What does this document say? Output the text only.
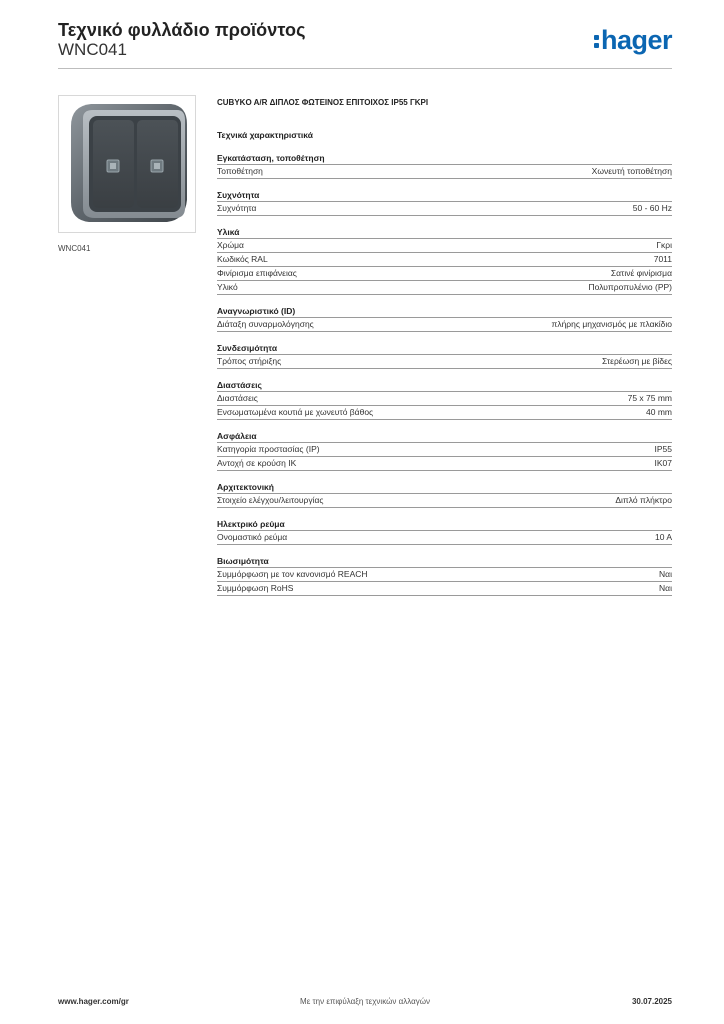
Τεχνικό φυλλάδιο προϊόντος
WNC041	hager
WNC041
CUBYKO A/R ΔΙΠΛΟΣ ΦΩΤΕΙΝΟΣ ΕΠΙΤΟΙΧΟΣ IP55 ΓΚΡΙ
Τεχνικά χαρακτηριστικά
Εγκατάσταση, τοποθέτηση
Τοποθέτηση	Χωνευτή τοποθέτηση
Συχνότητα
Συχνότητα	50 - 60 Hz
Υλικά
Χρώμα	Γκρι
Κωδικός RAL	7011
Φινίρισμα επιφάνειας	Σατινέ φινίρισμα
Υλικό	Πολυπροπυλένιο (PP)
Αναγνωριστικό (ID)
Διάταξη συναρμολόγησης	πλήρης μηχανισμός με πλακίδιο
Συνδεσιμότητα
Τρόπος στήριξης	Στερέωση με βίδες
Διαστάσεις
Διαστάσεις	75 x 75 mm
Ενσωματωμένα κουτιά με χωνευτό βάθος	40 mm
Ασφάλεια
Κατηγορία προστασίας (IP)	IP55
Αντοχή σε κρούση IK	IK07
Αρχιτεκτονική
Στοιχείο ελέγχου/λειτουργίας	Διπλό πλήκτρο
Ηλεκτρικό ρεύμα
Ονομαστικό ρεύμα	10 A
Βιωσιμότητα
Συμμόρφωση με τον κανονισμό REACH	Ναι
Συμμόρφωση RoHS	Ναι
www.hager.com/gr	Με την επιφύλαξη τεχνικών αλλαγών	30.07.2025
